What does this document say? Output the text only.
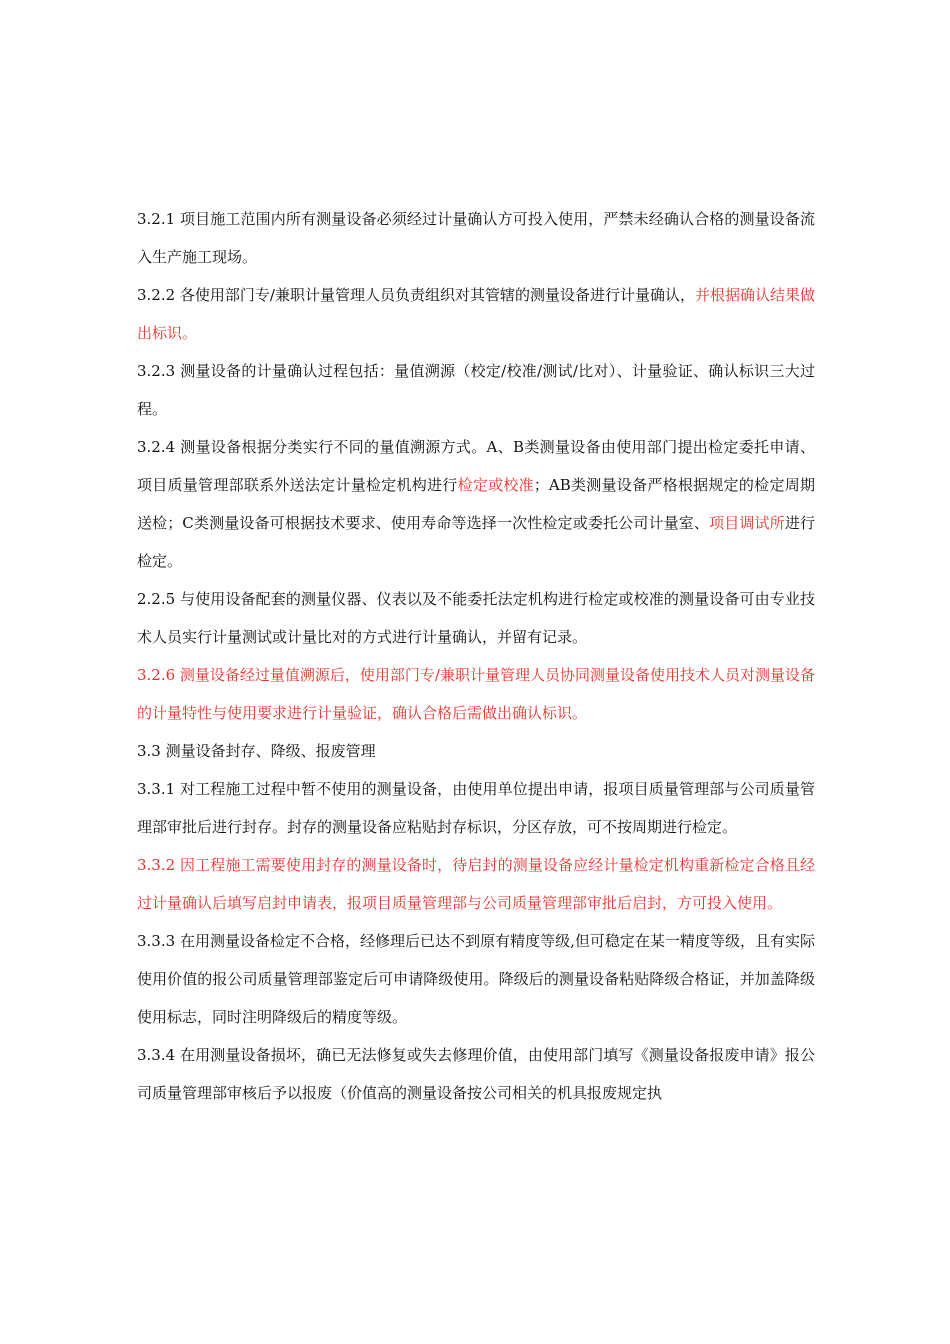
3.2.1 项目施工范围内所有测量设备必须经过计量确认方可投入使用，严禁未经确认合格的测量设备流入生产施工现场。

3.2.2 各使用部门专/兼职计量管理人员负责组织对其管辖的测量设备进行计量确认，并根据确认结果做出标识。

3.2.3 测量设备的计量确认过程包括：量值溯源（校定/校准/测试/比对）、计量验证、确认标识三大过程。

3.2.4 测量设备根据分类实行不同的量值溯源方式。A、B类测量设备由使用部门提出检定委托申请、项目质量管理部联系外送法定计量检定机构进行检定或校准；AB类测量设备严格根据规定的检定周期送检；C类测量设备可根据技术要求、使用寿命等选择一次性检定或委托公司计量室、项目调试所进行检定。

2.2.5 与使用设备配套的测量仪器、仪表以及不能委托法定机构进行检定或校准的测量设备可由专业技术人员实行计量测试或计量比对的方式进行计量确认，并留有记录。

3.2.6 测量设备经过量值溯源后，使用部门专/兼职计量管理人员协同测量设备使用技术人员对测量设备的计量特性与使用要求进行计量验证，确认合格后需做出确认标识。

3.3 测量设备封存、降级、报废管理

3.3.1 对工程施工过程中暂不使用的测量设备，由使用单位提出申请，报项目质量管理部与公司质量管理部审批后进行封存。封存的测量设备应粘贴封存标识，分区存放，可不按周期进行检定。

3.3.2 因工程施工需要使用封存的测量设备时，待启封的测量设备应经计量检定机构重新检定合格且经过计量确认后填写启封申请表，报项目质量管理部与公司质量管理部审批后启封，方可投入使用。

3.3.3 在用测量设备检定不合格，经修理后已达不到原有精度等级,但可稳定在某一精度等级，且有实际使用价值的报公司质量管理部鉴定后可申请降级使用。降级后的测量设备粘贴降级合格证，并加盖降级使用标志，同时注明降级后的精度等级。

3.3.4 在用测量设备损坏，确已无法修复或失去修理价值，由使用部门填写《测量设备报废申请》报公司质量管理部审核后予以报废（价值高的测量设备按公司相关的机具报废规定执
